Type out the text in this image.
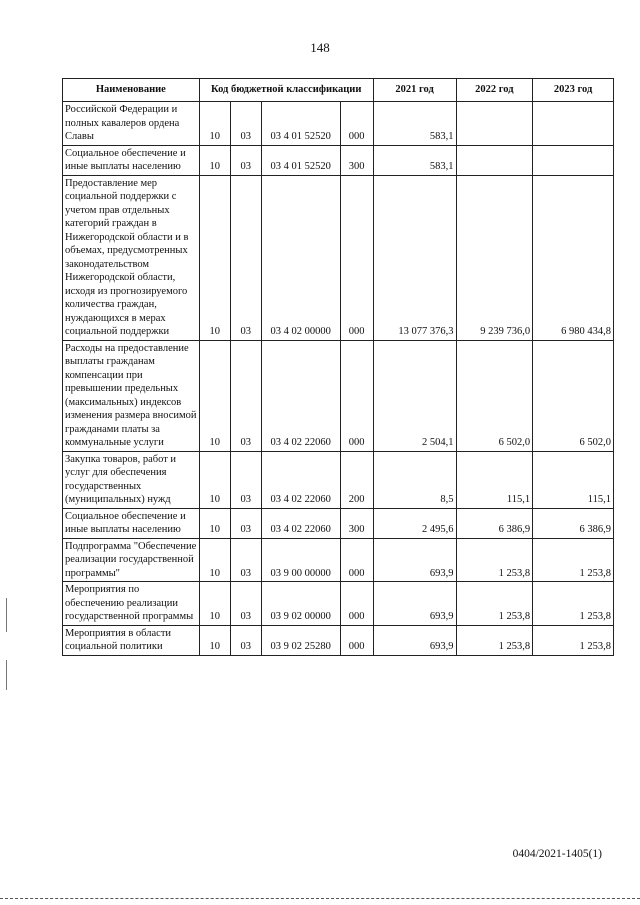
148
Наименование	Код бюджетной классификации				2021 год	2022 год	2023 год
Российской Федерации и полных кавалеров ордена Славы	10	03	03 4 01 52520	000	583,1		
Социальное обеспечение и иные выплаты населению	10	03	03 4 01 52520	300	583,1		
Предоставление мер социальной поддержки с учетом прав отдельных категорий граждан в Нижегородской области и в объемах, предусмотренных законодательством Нижегородской области, исходя из прогнозируемого количества граждан, нуждающихся в мерах социальной поддержки	10	03	03 4 02 00000	000	13 077 376,3	9 239 736,0	6 980 434,8
Расходы на предоставление выплаты гражданам компенсации при превышении предельных (максимальных) индексов изменения размера вносимой гражданами платы за коммунальные услуги	10	03	03 4 02 22060	000	2 504,1	6 502,0	6 502,0
Закупка товаров, работ и услуг для обеспечения государственных (муниципальных) нужд	10	03	03 4 02 22060	200	8,5	115,1	115,1
Социальное обеспечение и иные выплаты населению	10	03	03 4 02 22060	300	2 495,6	6 386,9	6 386,9
Подпрограмма "Обеспечение реализации государственной программы"	10	03	03 9 00 00000	000	693,9	1 253,8	1 253,8
Мероприятия по обеспечению реализации государственной программы	10	03	03 9 02 00000	000	693,9	1 253,8	1 253,8
Мероприятия в области социальной политики	10	03	03 9 02 25280	000	693,9	1 253,8	1 253,8
0404/2021-1405(1)
